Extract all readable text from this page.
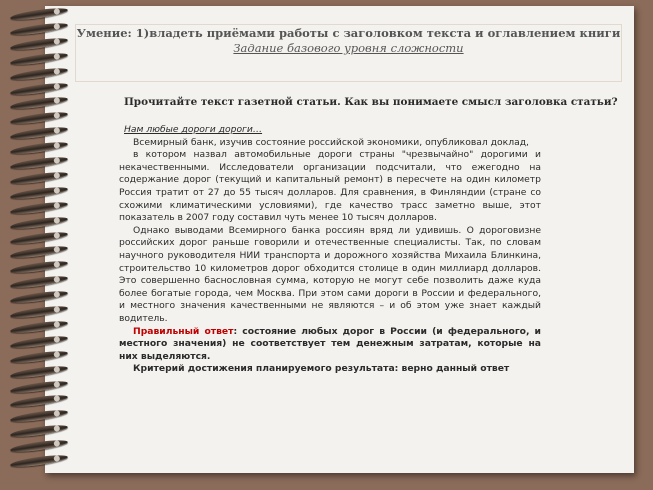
Умение: 1)владеть приёмами работы с заголовком текста и оглавлением книги
Задание базового уровня сложности
Прочитайте текст газетной статьи. Как вы понимаете смысл заголовка статьи?

Нам любые дороги дороги…

Всемирный банк, изучив состояние российской экономики, опубликовал доклад,

в котором назвал автомобильные дороги страны "чрезвычайно" дорогими и некачественными. Исследователи организации подсчитали, что ежегодно на содержание дорог (текущий и капитальный ремонт) в пересчете на один километр Россия тратит от 27 до 55 тысяч долларов. Для сравнения, в Финляндии (стране со схожими климатическими условиями), где качество трасс заметно выше, этот показатель в 2007 году составил чуть менее 10 тысяч долларов.

Однако выводами Всемирного банка россиян вряд ли удивишь. О дороговизне российских дорог раньше говорили и отечественные специалисты. Так, по словам научного руководителя НИИ транспорта и дорожного хозяйства Михаила Блинкина, строительство 10 километров дорог обходится столице в один миллиард долларов. Это совершенно баснословная сумма, которую не могут себе позволить даже куда более богатые города, чем Москва. При этом сами дороги в России и федерального, и местного значения качественными не являются – и об этом уже знает каждый водитель.

Правильный ответ: состояние любых дорог в России (и федерального, и местного значения) не соответствует тем денежным затратам, которые на них выделяются.

Критерий достижения планируемого результата: верно данный ответ
